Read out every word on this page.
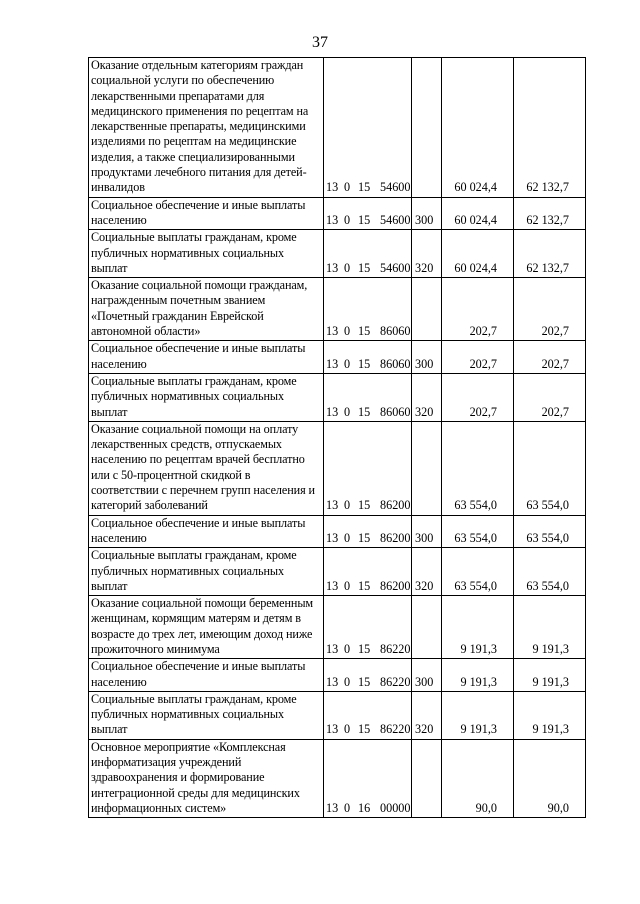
37
Оказание отдельным категориям граждан социальной услуги по обеспечению лекарственными препаратами для медицинского применения по рецептам на лекарственные препараты, медицинскими изделиями по рецептам на медицинские изделия, а также специализированными продуктами лечебного питания для детей-инвалидов	13 0 15 54600		60 024,4	62 132,7
Социальное обеспечение и иные выплаты населению	13 0 15 54600	300	60 024,4	62 132,7
Социальные выплаты гражданам, кроме публичных нормативных социальных выплат	13 0 15 54600	320	60 024,4	62 132,7
Оказание социальной помощи гражданам, награжденным почетным званием «Почетный гражданин Еврейской автономной области»	13 0 15 86060		202,7	202,7
Социальное обеспечение и иные выплаты населению	13 0 15 86060	300	202,7	202,7
Социальные выплаты гражданам, кроме публичных нормативных социальных выплат	13 0 15 86060	320	202,7	202,7
Оказание социальной помощи на оплату лекарственных средств, отпускаемых населению по рецептам врачей бесплатно или с 50-процентной скидкой в соответствии с перечнем групп населения и категорий заболеваний	13 0 15 86200		63 554,0	63 554,0
Социальное обеспечение и иные выплаты населению	13 0 15 86200	300	63 554,0	63 554,0
Социальные выплаты гражданам, кроме публичных нормативных социальных выплат	13 0 15 86200	320	63 554,0	63 554,0
Оказание социальной помощи беременным женщинам, кормящим матерям и детям в возрасте до трех лет, имеющим доход ниже прожиточного минимума	13 0 15 86220		9 191,3	9 191,3
Социальное обеспечение и иные выплаты населению	13 0 15 86220	300	9 191,3	9 191,3
Социальные выплаты гражданам, кроме публичных нормативных социальных выплат	13 0 15 86220	320	9 191,3	9 191,3
Основное мероприятие «Комплексная информатизация учреждений здравоохранения и формирование интеграционной среды для медицинских информационных систем»	13 0 16 00000		90,0	90,0
